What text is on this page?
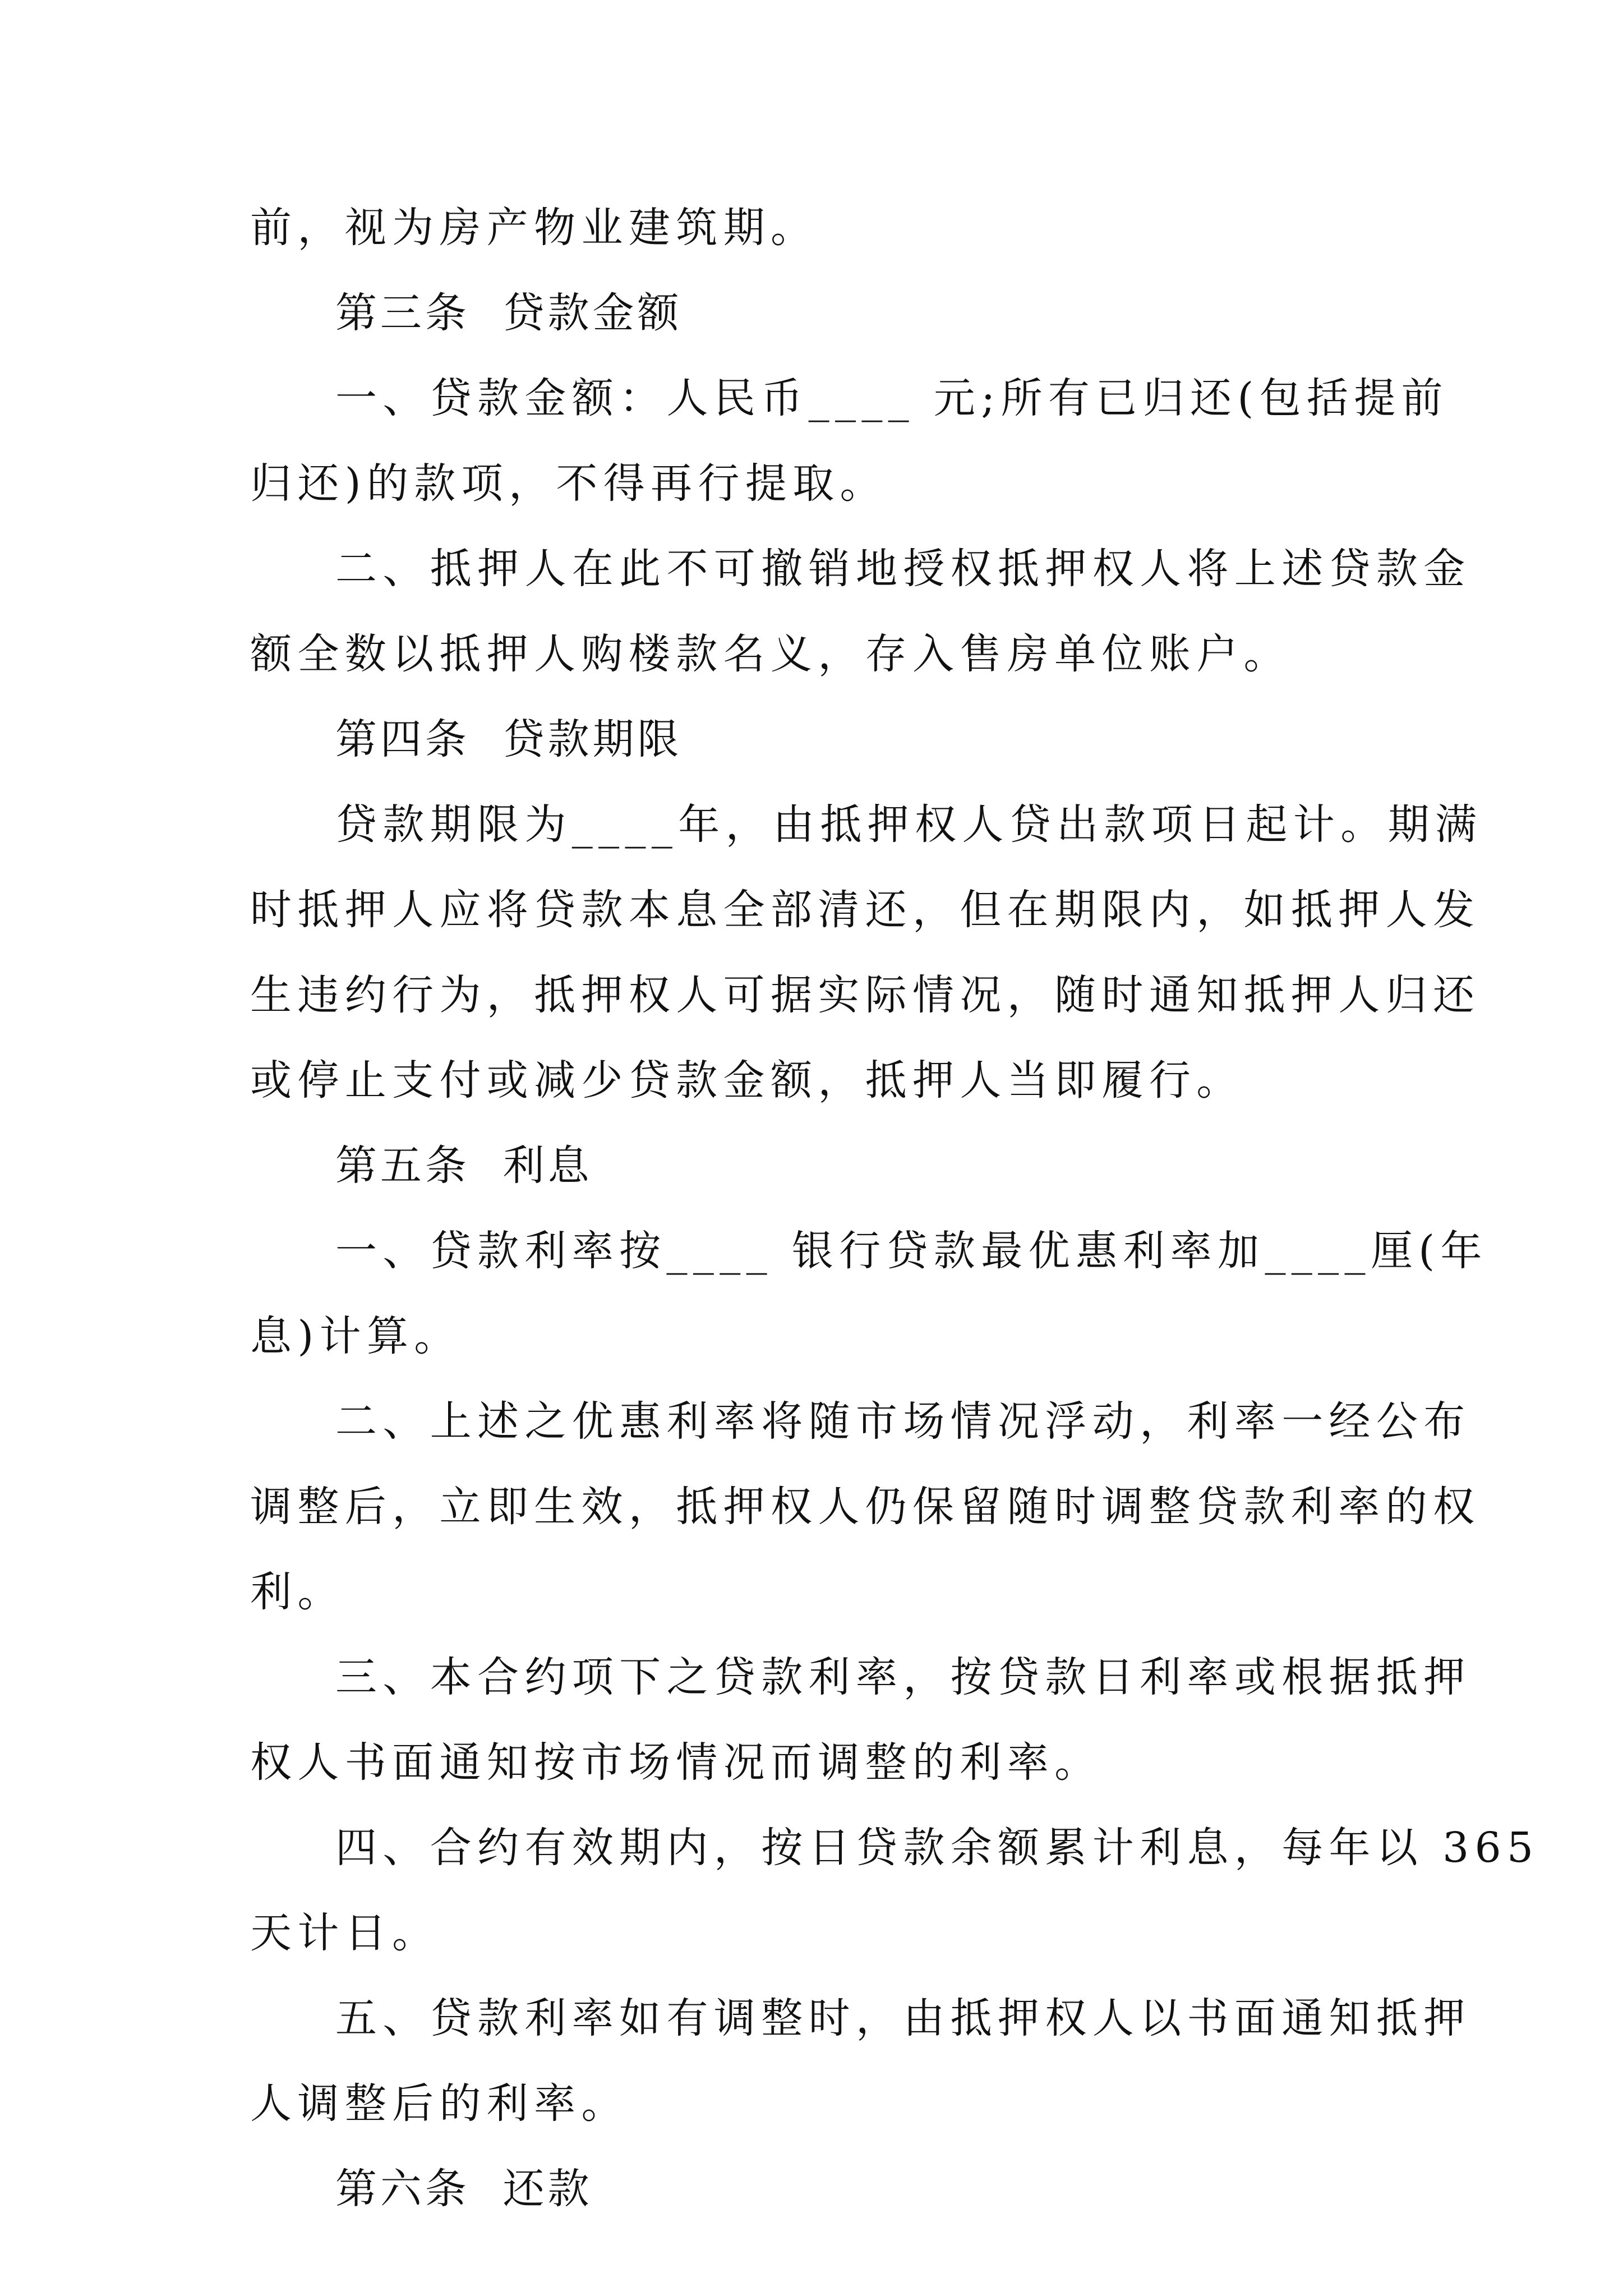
前，视为房产物业建筑期。
第三条  贷款金额
一、贷款金额：人民币____ 元;所有已归还(包括提前
归还)的款项，不得再行提取。
二、抵押人在此不可撤销地授权抵押权人将上述贷款金
额全数以抵押人购楼款名义，存入售房单位账户。
第四条  贷款期限
贷款期限为____年，由抵押权人贷出款项日起计。期满
时抵押人应将贷款本息全部清还，但在期限内，如抵押人发
生违约行为，抵押权人可据实际情况，随时通知抵押人归还
或停止支付或减少贷款金额，抵押人当即履行。
第五条  利息
一、贷款利率按____ 银行贷款最优惠利率加____厘(年
息)计算。
二、上述之优惠利率将随市场情况浮动，利率一经公布
调整后，立即生效，抵押权人仍保留随时调整贷款利率的权
利。
三、本合约项下之贷款利率，按贷款日利率或根据抵押
权人书面通知按市场情况而调整的利率。
四、合约有效期内，按日贷款余额累计利息，每年以 365
天计日。
五、贷款利率如有调整时，由抵押权人以书面通知抵押
人调整后的利率。
第六条  还款
